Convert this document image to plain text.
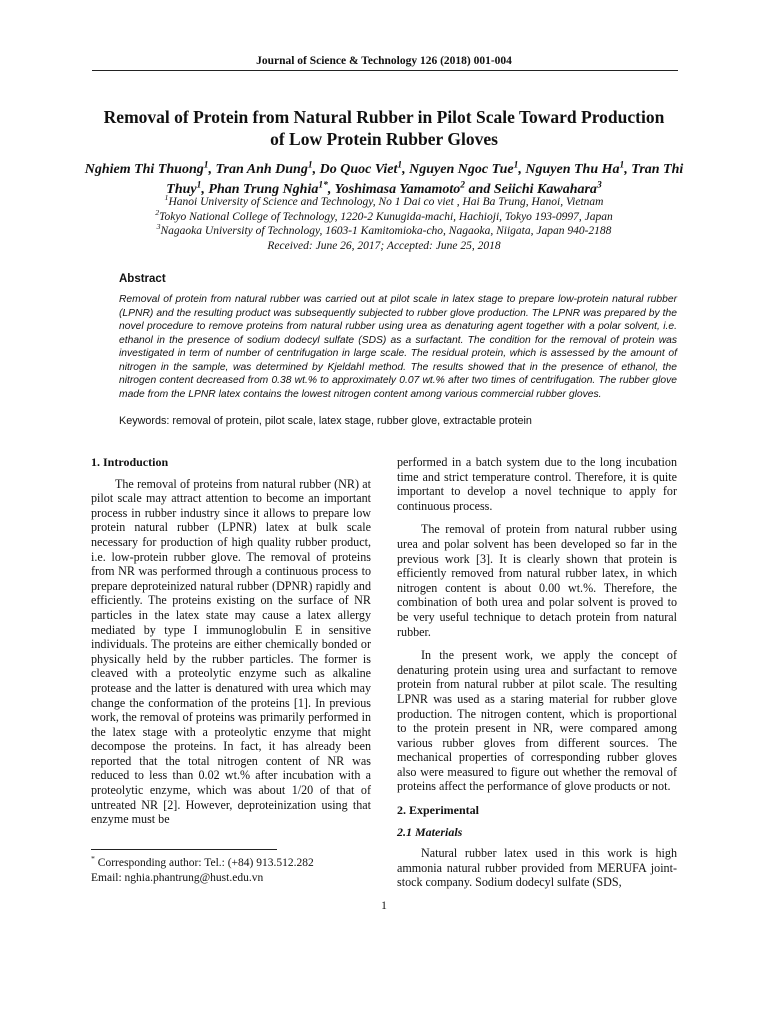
Journal of Science & Technology 126 (2018) 001-004
Removal of Protein from Natural Rubber in Pilot Scale Toward Production
of Low Protein Rubber Gloves
Nghiem Thi Thuong$^1$, Tran Anh Dung$^1$, Do Quoc Viet$^1$, Nguyen Ngoc Tue$^1$, Nguyen Thu Ha$^1$, Tran Thi Thuy$^1$, Phan Trung Nghia$^{1*}$, Yoshimasa Yamamoto$^2$ and Seiichi Kawahara$^3$
$^1$Hanoi University of Science and Technology, No 1 Dai co viet , Hai Ba Trung, Hanoi, Vietnam
$^2$Tokyo National College of Technology, 1220-2 Kunugida-machi, Hachioji, Tokyo 193-0997, Japan
$^3$Nagaoka University of Technology, 1603-1 Kamitomioka-cho, Nagaoka, Niigata, Japan 940-2188
Received: June 26, 2017; Accepted: June 25, 2018
Abstract
Removal of protein from natural rubber was carried out at pilot scale in latex stage to prepare low-protein natural rubber (LPNR) and the resulting product was subsequently subjected to rubber glove production. The LPNR was prepared by the novel procedure to remove proteins from natural rubber using urea as denaturing agent together with a polar solvent, i.e. ethanol in the presence of sodium dodecyl sulfate (SDS) as a surfactant. The condition for the removal of protein was investigated in term of number of centrifugation in large scale. The residual protein, which is assessed by the amount of nitrogen in the sample, was determined by Kjeldahl method. The results showed that in the presence of ethanol, the nitrogen content decreased from 0.38 wt.% to approximately 0.07 wt.% after two times of centrifugation. The rubber glove made from the LPNR latex contains the lowest nitrogen content among various commercial rubber gloves.
Keywords: removal of protein, pilot scale, latex stage, rubber glove, extractable protein
1. Introduction

The removal of proteins from natural rubber (NR) at pilot scale may attract attention to become an important process in rubber industry since it allows to prepare low protein natural rubber (LPNR) latex at bulk scale necessary for production of high quality rubber product, i.e. low-protein rubber glove. The removal of proteins from NR was performed through a continuous process to prepare deproteinized natural rubber (DPNR) rapidly and efficiently. The proteins existing on the surface of NR particles in the latex state may cause a latex allergy mediated by type I immunoglobulin E in sensitive individuals. The proteins are either chemically bonded or physically held by the rubber particles. The former is cleaved with a proteolytic enzyme such as alkaline protease and the latter is denatured with urea which may change the conformation of the proteins [1]. In previous work, the removal of proteins was primarily performed in the latex stage with a proteolytic enzyme that might decompose the proteins. In fact, it has already been reported that the total nitrogen content of NR was reduced to less than 0.02 wt.% after incubation with a proteolytic enzyme, which was about 1/20 of that of untreated NR [2]. However, deproteinization using that enzyme must be

performed in a batch system due to the long incubation time and strict temperature control. Therefore, it is quite important to develop a novel technique to apply for continuous process.

The removal of protein from natural rubber using urea and polar solvent has been developed so far in the previous work [3]. It is clearly shown that protein is efficiently removed from natural rubber latex, in which nitrogen content is about 0.00 wt.%. Therefore, the combination of both urea and polar solvent is proved to be very useful technique to detach protein from natural rubber.

In the present work, we apply the concept of denaturing protein using urea and surfactant to remove protein from natural rubber at pilot scale. The resulting LPNR was used as a staring material for rubber glove production. The nitrogen content, which is proportional to the protein present in NR, were compared among various rubber gloves from different sources. The mechanical properties of corresponding rubber gloves also were measured to figure out whether the removal of proteins affect the performance of glove products or not.

2. Experimental
2.1 Materials

Natural rubber latex used in this work is high ammonia natural rubber provided from MERUFA joint-stock company. Sodium dodecyl sulfate (SDS,

* Corresponding author: Tel.: (+84) 913.512.282
Email: nghia.phantrung@hust.edu.vn
1
